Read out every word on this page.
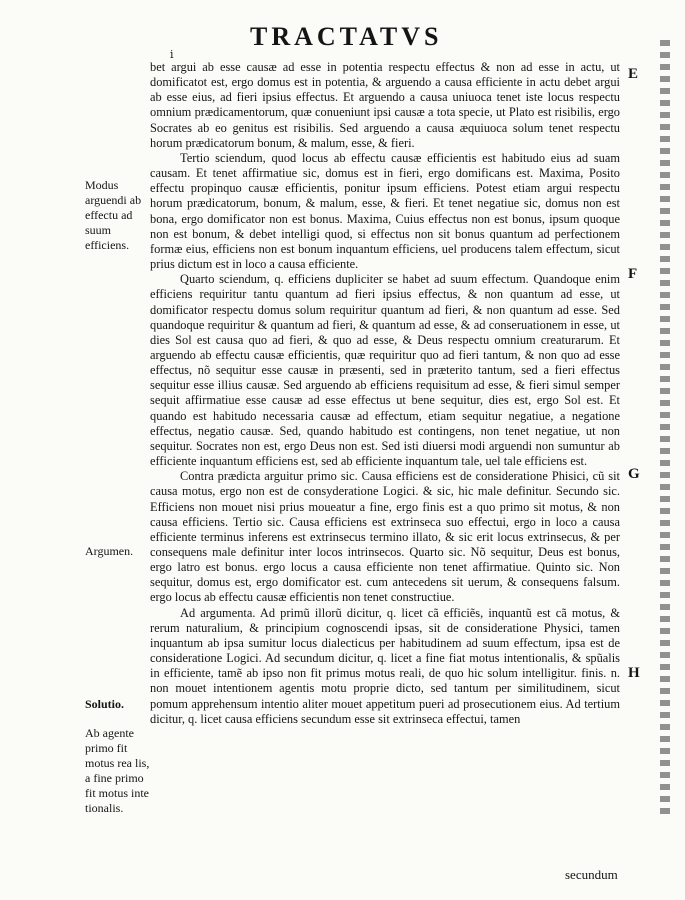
i
TRACTATVS
E
F
G
H
Modus arguendi ab effectu ad suum efficiens.
Argumen.
Solutio.
Ab agente primo fit motus rea lis, a fine primo fit motus inte tionalis.

bet argui ab esse causæ ad esse in potentia respectu effectus & non ad esse in actu, ut domificatot est, ergo domus est in potentia, & arguendo a causa efficiente in actu debet argui ab esse eius, ad fieri ipsius effectus. Et arguendo a causa uniuoca tenet iste locus respectu omnium prædicamentorum, quæ conueniunt ipsi causæ a tota specie, ut Plato est risibilis, ergo Socrates ab eo genitus est risibilis. Sed arguendo a causa æquiuoca solum tenet respectu horum prædicatorum bonum, & malum, esse, & fieri.

Tertio sciendum, quod locus ab effectu causæ efficientis est habitudo eius ad suam causam. Et tenet affirmatiue sic, domus est in fieri, ergo domificans est. Maxima, Posito effectu propinquo causæ efficientis, ponitur ipsum efficiens. Potest etiam argui respectu horum prædicatorum, bonum, & malum, esse, & fieri. Et tenet negatiue sic, domus non est bona, ergo domificator non est bonus. Maxima, Cuius effectus non est bonus, ipsum quoque non est bonum, & debet intelligi quod, si effectus non sit bonus quantum ad perfectionem formæ eius, efficiens non est bonum inquantum efficiens, uel producens talem effectum, sicut prius dictum est in loco a causa efficiente.

Quarto sciendum, q. efficiens dupliciter se habet ad suum effectum. Quandoque enim efficiens requiritur tantu quantum ad fieri ipsius effectus, & non quantum ad esse, ut domificator respectu domus solum requiritur quantum ad fieri, & non quantum ad esse. Sed quandoque requiritur & quantum ad fieri, & quantum ad esse, & ad conseruationem in esse, ut dies Sol est causa quo ad fieri, & quo ad esse, & Deus respectu omnium creaturarum. Et arguendo ab effectu causæ efficientis, quæ requiritur quo ad fieri tantum, & non quo ad esse effectus, nõ sequitur esse causæ in præsenti, sed in præterito tantum, sed a fieri effectus sequitur esse illius causæ. Sed arguendo ab efficiens requisitum ad esse, & fieri simul semper sequit affirmatiue esse causæ ad esse effectus ut bene sequitur, dies est, ergo Sol est. Et quando est habitudo necessaria causæ ad effectum, etiam sequitur negatiue, a negatione effectus, negatio causæ. Sed, quando habitudo est contingens, non tenet negatiue, ut non sequitur. Socrates non est, ergo Deus non est. Sed isti diuersi modi arguendi non sumuntur ab efficiente inquantum efficiens est, sed ab efficiente inquantum tale, uel tale efficiens est.

Contra prædicta arguitur primo sic. Causa efficiens est de consideratione Phisici, cũ sit causa motus, ergo non est de consyderatione Logici. & sic, hic male definitur. Secundo sic. Efficiens non mouet nisi prius moueatur a fine, ergo finis est a quo primo sit motus, & non causa efficiens. Tertio sic. Causa efficiens est extrinseca suo effectui, ergo in loco a causa efficiente terminus inferens est extrinsecus termino illato, & sic erit locus extrinsecus, & per consequens male definitur inter locos intrinsecos. Quarto sic. Nõ sequitur, Deus est bonus, ergo latro est bonus. ergo locus a causa efficiente non tenet affirmatiue. Quinto sic. Non sequitur, domus est, ergo domificator est. cum antecedens sit uerum, & consequens falsum. ergo locus ab effectu causæ efficientis non tenet constructiue.

Ad argumenta. Ad primũ illorũ dicitur, q. licet cã efficiẽs, inquantũ est cã motus, & rerum naturalium, & principium cognoscendi ipsas, sit de consideratione Physici, tamen inquantum ab ipsa sumitur locus dialecticus per habitudinem ad suum effectum, ipsa est de consideratione Logici. Ad secundum dicitur, q. licet a fine fiat motus intentionalis, & spũalis in efficiente, tamẽ ab ipso non fit primus motus reali, de quo hic solum intelligitur. finis. n. non mouet intentionem agentis motu proprie dicto, sed tantum per similitudinem, sicut pomum apprehensum intentio aliter mouet appetitum pueri ad prosecutionem eius. Ad tertium dicitur, q. licet causa efficiens secundum esse sit extrinseca effectui, tamen

secundum
